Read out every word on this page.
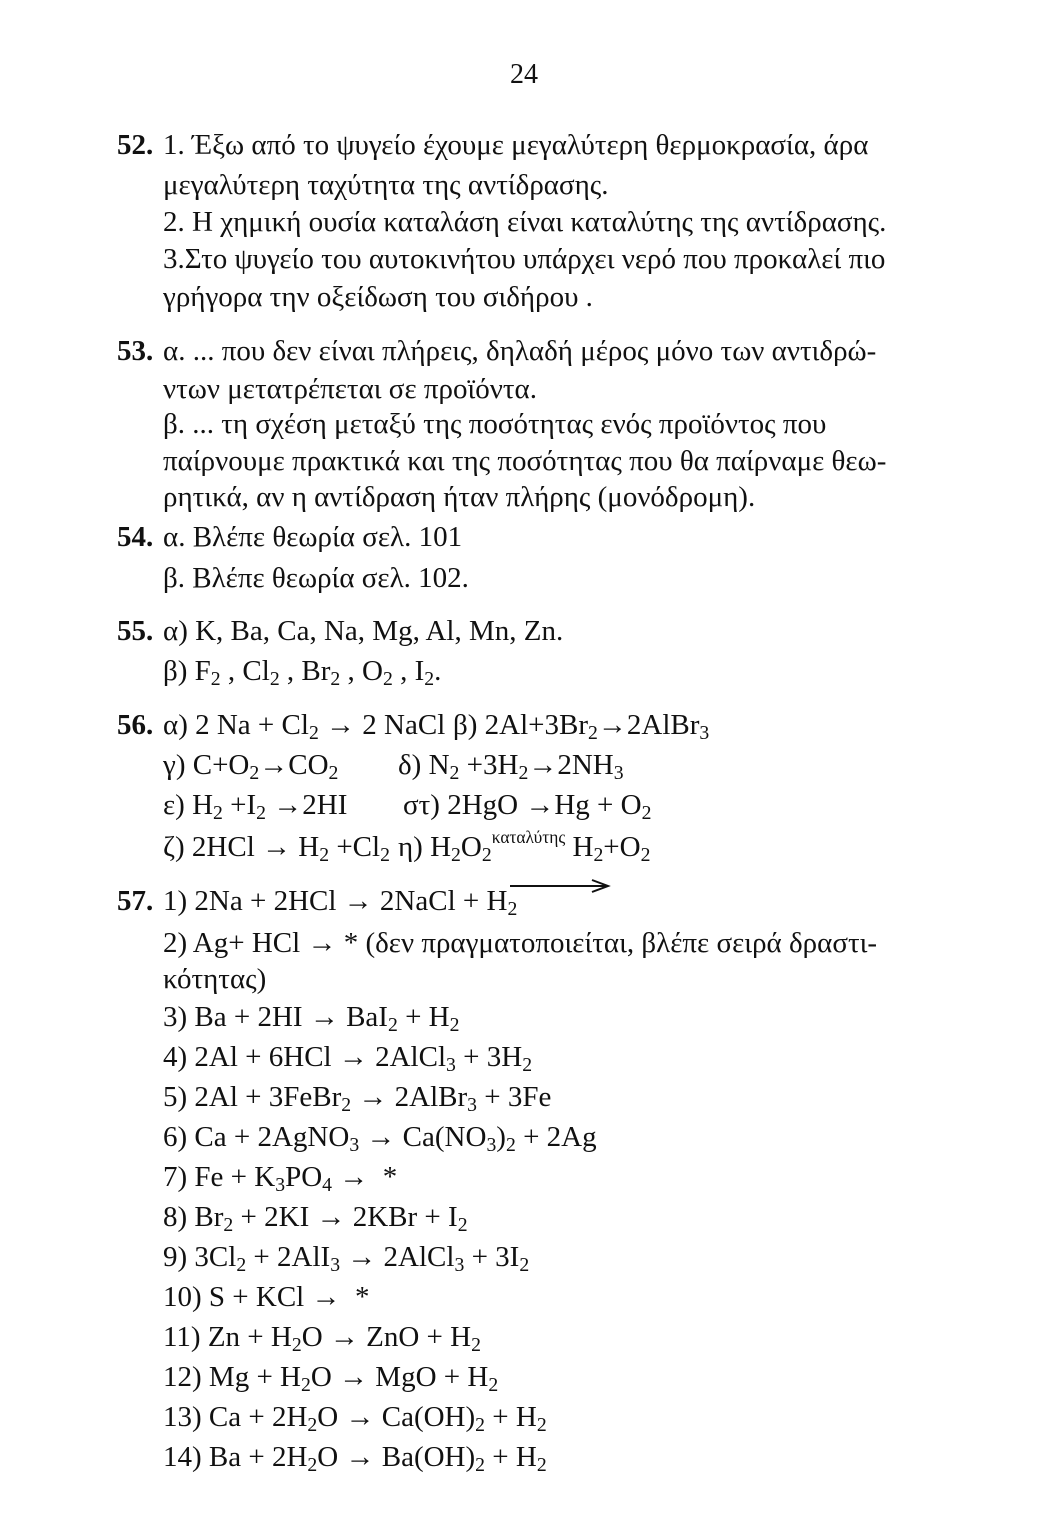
24
52. 1. Έξω από το ψυγείο έχουμε μεγαλύτερη θερμοκρασία, άρα
μεγαλύτερη ταχύτητα της αντίδρασης.
2. Η χημική ουσία καταλάση είναι καταλύτης της αντίδρασης.
3.Στο ψυγείο του αυτοκινήτου υπάρχει νερό που προκαλεί πιο
γρήγορα την οξείδωση του σιδήρου .
53. α. ... που δεν είναι πλήρεις, δηλαδή μέρος μόνο των αντιδρώ-
ντων μετατρέπεται σε προϊόντα.
β. ... τη σχέση μεταξύ της ποσότητας ενός προϊόντος που
παίρνουμε πρακτικά και της ποσότητας που θα παίρναμε θεω-
ρητικά, αν η αντίδραση ήταν πλήρης (μονόδρομη).
54. α. Βλέπε θεωρία σελ. 101
β. Βλέπε θεωρία σελ. 102.
55. α) K, Ba, Ca, Na, Mg, Al, Mn, Zn.
β) $F_2$ , $Cl_2$ , $Br_2$ , $O_2$ , $I_2$.
56. α) 2 $Na + Cl_2 \to 2$ NaCl β) $2Al+3Br_2\to 2AlBr_3$
γ) $C+O_2\to CO_2$ δ) $N_2 +3H_2\to 2NH_3$
ε) $H_2 +I_2 \to 2HI$ στ) $2HgO \to Hg + O_2$
ζ) $2HCl \to H_2 +Cl_2$ η) $H_2O_2^{\kappa\alpha\tau\alpha\lambda ύ\tau\eta\varsigma}$ $H_2+O_2$
57. 1) 2Na + 2HCl → 2NaCl + $H_2$
2) Ag+ HCl → * (δεν πραγματοποιείται, βλέπε σειρά δραστι-
κότητας)
3) $Ba + 2HI \to BaI_2 + H_2$
4) 2Al + 6HCl → 2AlCl$_3$ + $3H_2$
5) 2Al + 3FeBr$_2$ → 2AlBr$_3$ + 3Fe
6) Ca + 2AgNO$_3$ → $Ca(NO_3)_2 + 2Ag$
7) $Fe + K_3PO_4$ →  *
8) $Br_2 + 2KI \to 2KBr + I_2$
9) $3Cl_2 + 2AlI_3$ → 2AlCl$_3$ + $3I_2$
10) S + KCl →  *
11) $Zn + H_2O$ → ZnO + $H_2$
12) $Mg + H_2O$ → MgO + $H_2$
13) $Ca + 2H_2O \to Ca(OH)_2 + H_2$
14) $Ba + 2H_2O \to Ba(OH)_2 + H_2$
